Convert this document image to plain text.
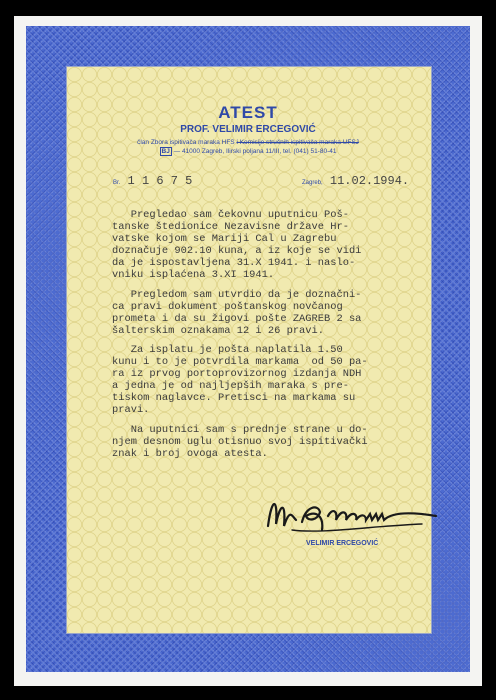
ATEST
PROF. VELIMIR ERCEGOVIĆ
član Zbora ispitivača maraka HFS i Komisije stručnih ispitivača maraka UFSJ
BJ — 41000 Zagreb, Ilirski poljana 11/III, tel. (041) 51-80-41
Br. 1 1 6 7 5	Zagreb, 11.02.1994.

Pregledao sam čekovnu uputnicu Poš-
tanske štedionice Nezavisne države Hr-
vatske kojom se Mariji Cal u Zagrebu
doznačuje 902.10 kuna, a iz koje se vidi
da je ispostavljena 31.X 1941. i naslo-
vniku isplaćena 3.XI 1941.

Pregledom sam utvrdio da je doznačni-
ca pravi dokument poštanskog novčanog
prometa i da su žigovi pošte ZAGREB 2 sa
šalterskim oznakama 12 i 26 pravi.

Za isplatu je pošta naplatila 1.50
kunu i to je potvrdila markama  od 50 pa-
ra iz prvog portoprovizornog izdanja NDH
a jedna je od najljepših maraka s pre-
tiskom naglavce. Pretisci na markama su
pravi.

Na uputnici sam s prednje strane u do-
njem desnom uglu otisnuo svoj ispitivački
znak i broj ovoga atesta.

VELIMIR ERCEGOVIĆ
